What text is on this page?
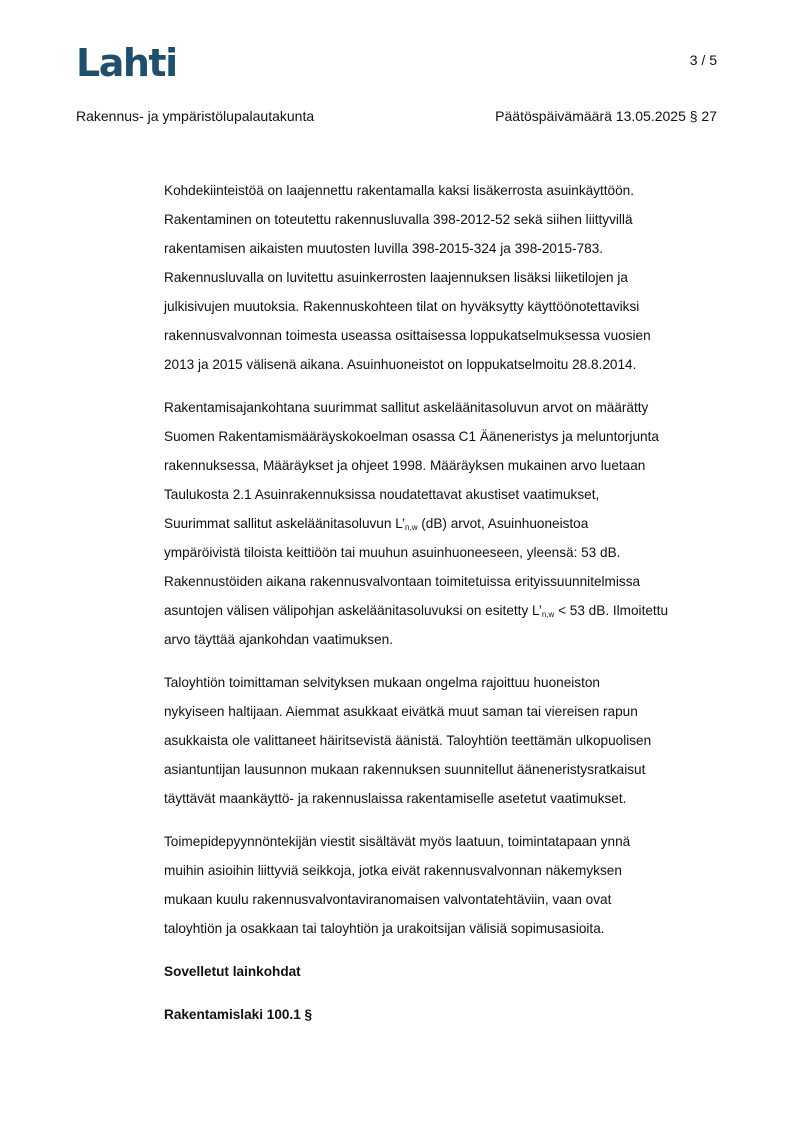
Lahti	3 / 5
Rakennus- ja ympäristölupalautakunta	Päätöspäivämäärä 13.05.2025 § 27
Kohdekiinteistöä on laajennettu rakentamalla kaksi lisäkerrosta asuinkäyttöön.
Rakentaminen on toteutettu rakennusluvalla 398-2012-52 sekä siihen liittyvillä
rakentamisen aikaisten muutosten luvilla 398-2015-324 ja 398-2015-783.
Rakennusluvalla on luvitettu asuinkerrosten laajennuksen lisäksi liiketilojen ja
julkisivujen muutoksia. Rakennuskohteen tilat on hyväksytty käyttöönotettaviksi
rakennusvalvonnan toimesta useassa osittaisessa loppukatselmuksessa vuosien
2013 ja 2015 välisenä aikana. Asuinhuoneistot on loppukatselmoitu 28.8.2014.
Rakentamisajankohtana suurimmat sallitut askeläänitasoluvun arvot on määrätty
Suomen Rakentamismääräyskokoelman osassa C1 Ääneneristys ja meluntorjunta
rakennuksessa, Määräykset ja ohjeet 1998. Määräyksen mukainen arvo luetaan
Taulukosta 2.1 Asuinrakennuksissa noudatettavat akustiset vaatimukset,
Suurimmat sallitut askeläänitasoluvun $L’_{n,w}$ (dB) arvot, Asuinhuoneistoa
ympäröivistä tiloista keittiöön tai muuhun asuinhuoneeseen, yleensä: 53 dB.
Rakennustöiden aikana rakennusvalvontaan toimitetuissa erityissuunnitelmissa
asuntojen välisen välipohjan askeläänitasoluvuksi on esitetty $L’_{n,w} < 53$ dB. Ilmoitettu
arvo täyttää ajankohdan vaatimuksen.
Taloyhtiön toimittaman selvityksen mukaan ongelma rajoittuu huoneiston
nykyiseen haltijaan. Aiemmat asukkaat eivätkä muut saman tai viereisen rapun
asukkaista ole valittaneet häiritsevistä äänistä. Taloyhtiön teettämän ulkopuolisen
asiantuntijan lausunnon mukaan rakennuksen suunnitellut ääneneristysratkaisut
täyttävät maankäyttö- ja rakennuslaissa rakentamiselle asetetut vaatimukset.
Toimepidepyynnöntekijän viestit sisältävät myös laatuun, toimintatapaan ynnä
muihin asioihin liittyviä seikkoja, jotka eivät rakennusvalvonnan näkemyksen
mukaan kuulu rakennusvalvontaviranomaisen valvontatehtäviin, vaan ovat
taloyhtiön ja osakkaan tai taloyhtiön ja urakoitsijan välisiä sopimusasioita.
Sovelletut lainkohdat
Rakentamislaki 100.1 §
